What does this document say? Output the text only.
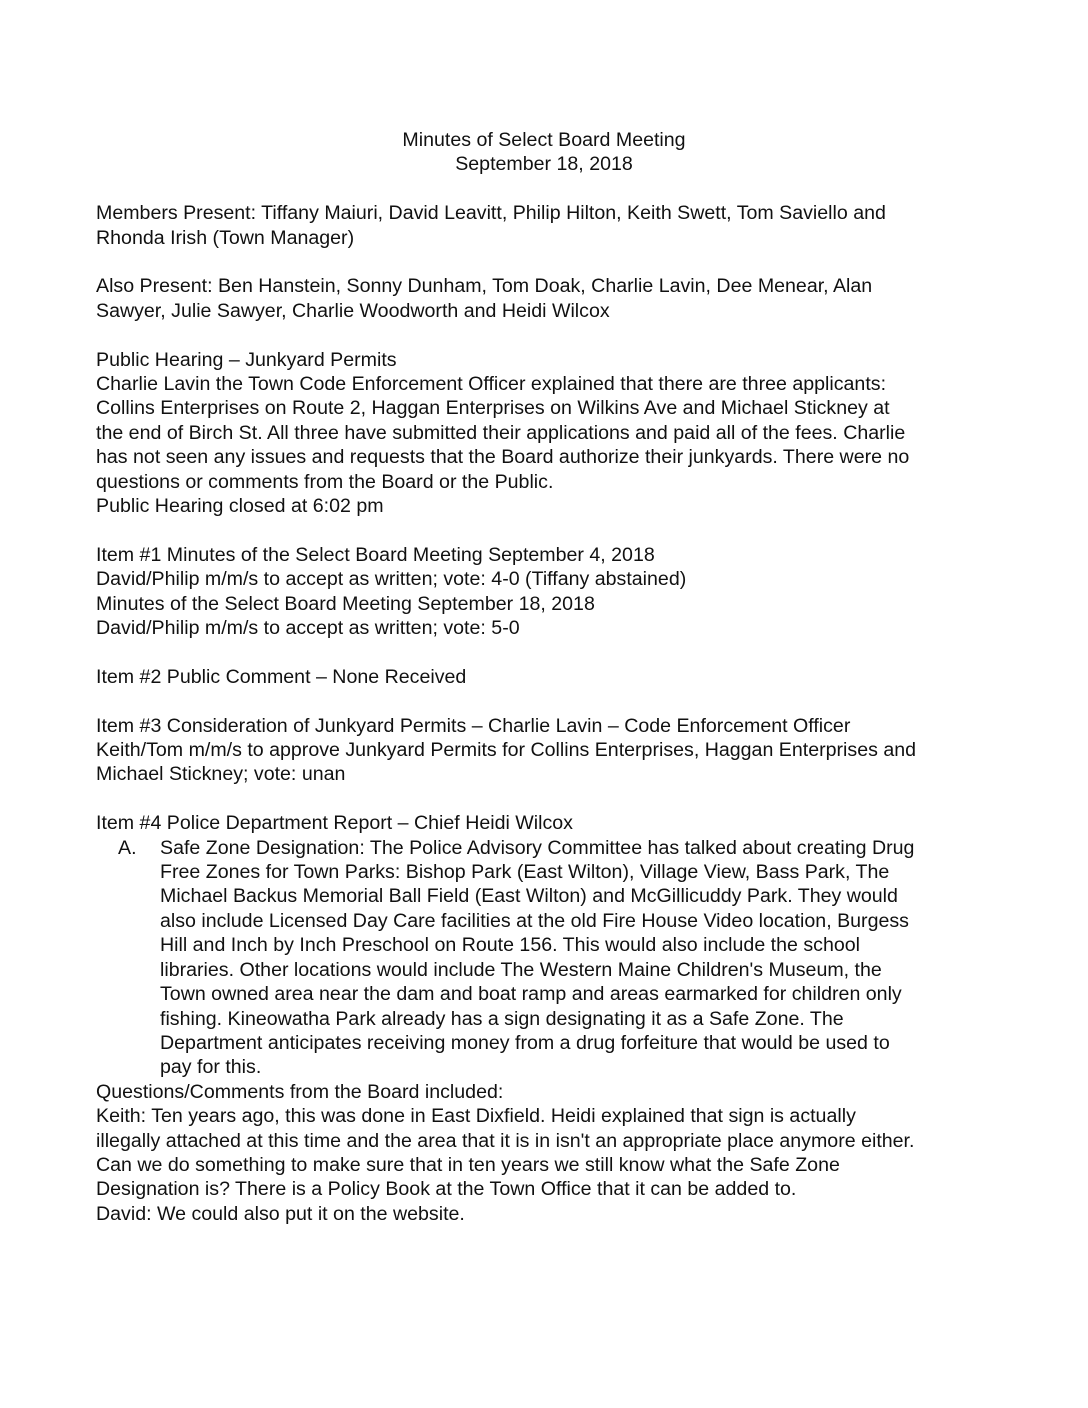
Minutes of Select Board Meeting
September 18, 2018
Members Present: Tiffany Maiuri, David Leavitt, Philip Hilton, Keith Swett, Tom Saviello and
Rhonda Irish (Town Manager)
Also Present: Ben Hanstein, Sonny Dunham, Tom Doak, Charlie Lavin, Dee Menear, Alan
Sawyer, Julie Sawyer, Charlie Woodworth and Heidi Wilcox
Public Hearing – Junkyard Permits
Charlie Lavin the Town Code Enforcement Officer explained that there are three applicants:
Collins Enterprises on Route 2, Haggan Enterprises on Wilkins Ave and Michael Stickney at
the end of Birch St. All three have submitted their applications and paid all of the fees. Charlie
has not seen any issues and requests that the Board authorize their junkyards. There were no
questions or comments from the Board or the Public.
Public Hearing closed at 6:02 pm
Item #1 Minutes of the Select Board Meeting September 4, 2018
David/Philip m/m/s to accept as written; vote: 4-0 (Tiffany abstained)
Minutes of the Select Board Meeting September 18, 2018
David/Philip m/m/s to accept as written; vote: 5-0
Item #2 Public Comment – None Received
Item #3 Consideration of Junkyard Permits – Charlie Lavin – Code Enforcement Officer
Keith/Tom m/m/s to approve Junkyard Permits for Collins Enterprises, Haggan Enterprises and
Michael Stickney; vote: unan
Item #4 Police Department Report – Chief Heidi Wilcox
A. Safe Zone Designation: The Police Advisory Committee has talked about creating Drug
Free Zones for Town Parks: Bishop Park (East Wilton), Village View, Bass Park, The
Michael Backus Memorial Ball Field (East Wilton) and McGillicuddy Park. They would
also include Licensed Day Care facilities at the old Fire House Video location, Burgess
Hill and Inch by Inch Preschool on Route 156. This would also include the school
libraries. Other locations would include The Western Maine Children's Museum, the
Town owned area near the dam and boat ramp and areas earmarked for children only
fishing. Kineowatha Park already has a sign designating it as a Safe Zone. The
Department anticipates receiving money from a drug forfeiture that would be used to
pay for this.
Questions/Comments from the Board included:
Keith: Ten years ago, this was done in East Dixfield. Heidi explained that sign is actually
illegally attached at this time and the area that it is in isn't an appropriate place anymore either.
Can we do something to make sure that in ten years we still know what the Safe Zone
Designation is? There is a Policy Book at the Town Office that it can be added to.
David: We could also put it on the website.
